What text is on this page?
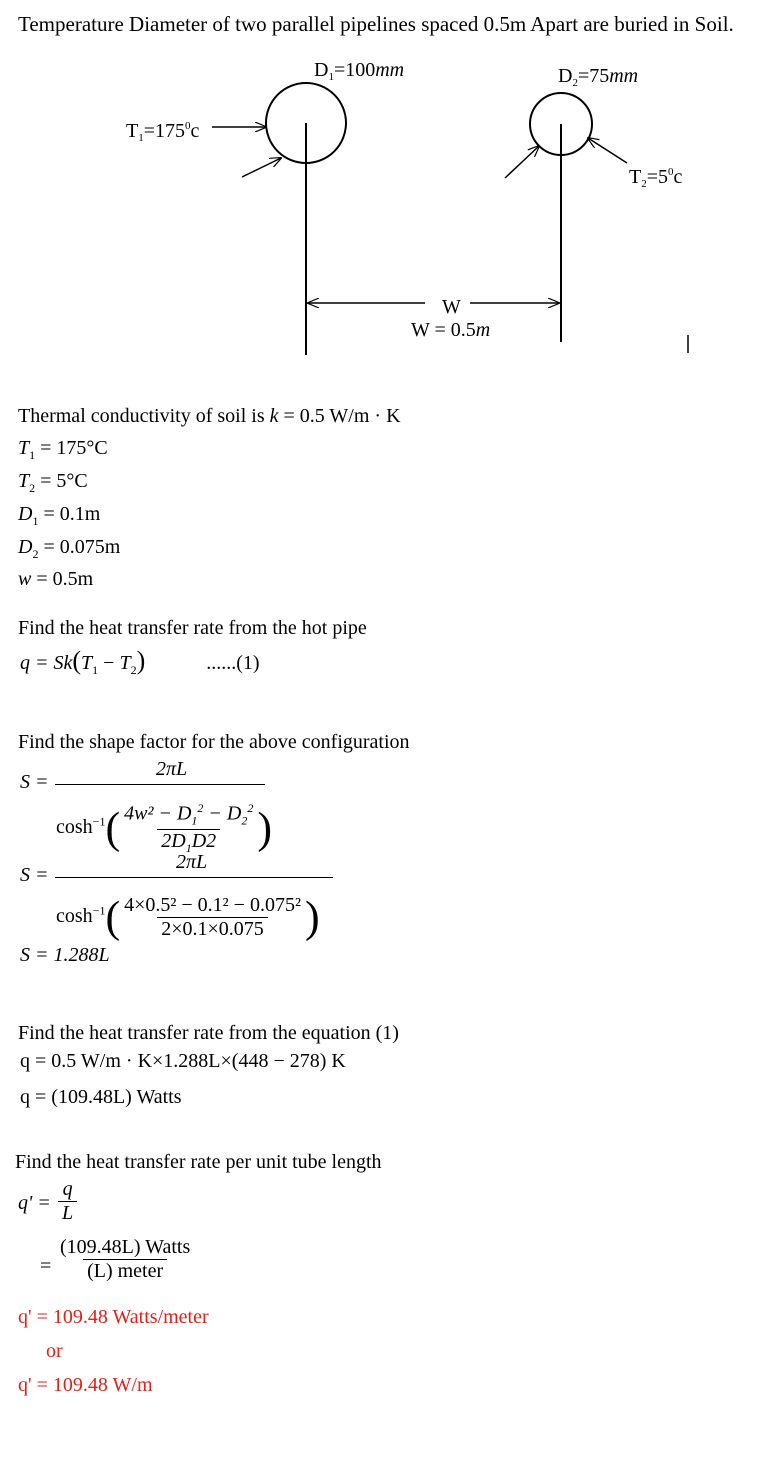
Temperature Diameter of two parallel pipelines spaced 0.5m Apart are buried in Soil.
$D_1=100mm$	$D_2=75mm$
$T_1=175^0c$
$T_2=5^0c$
W
W = 0.5m
Thermal conductivity of soil is k = 0.5 W/m · K
$T_1 = 175^\circ C$
$T_2 = 5^\circ C$
$D_1 = 0.1m$
$D_2 = 0.075m$
w = 0.5m
Find the heat transfer rate from the hot pipe
$q = Sk(T_1 - T_2)$	......(1)
Find the shape factor for the above configuration
S =
2πL
$\cosh^{-1}( \frac{4w^2 - D_1^2 - D_2^2}{2D_1D2}$ )
S =
2πL
$\cosh^{-1}( \frac{\text{4×0.5² − 0.1² − 0.075²}}{2\times 0.1\times 0.075}$ )
S = 1.288L
Find the heat transfer rate from the equation (1)
q = 0.5 W/m · K×1.288L×(448 − 278) K
q = (109.48L) Watts
Find the heat transfer rate per unit tube length
$q' = \frac{q}{L}$
= $\frac{\text{(109.48L) Watts}}{\text{(L) meter}}$
q' = 109.48 Watts/meter
or
q' = 109.48 W/m
